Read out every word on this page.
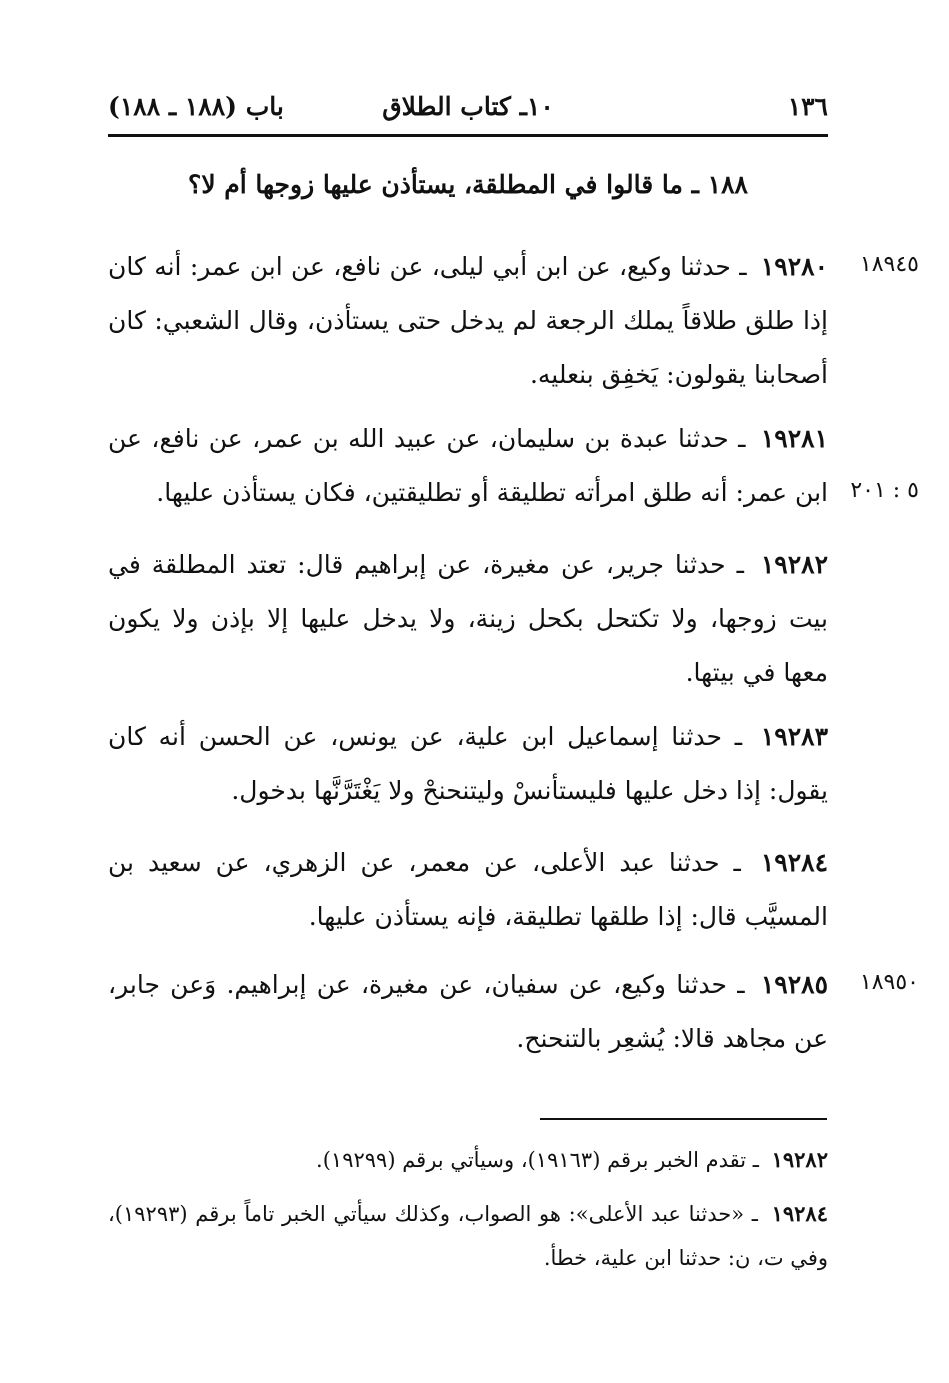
١٣٦
١٠ـ كتاب الطلاق
باب (١٨٨ ـ ١٨٨)
١٨٨ ـ ما قالوا في المطلقة، يستأذن عليها زوجها أم لا؟
١٨٩٤٥
٥ : ٢٠١
١٨٩٥٠

١٩٢٨٠ ـ حدثنا وكيع، عن ابن أبي ليلى، عن نافع، عن ابن عمر: أنه كان إذا طلق طلاقاً يملك الرجعة لم يدخل حتى يستأذن، وقال الشعبي: كان أصحابنا يقولون: يَخفِق بنعليه.

١٩٢٨١ ـ حدثنا عبدة بن سليمان، عن عبيد الله بن عمر، عن نافع، عن ابن عمر: أنه طلق امرأته تطليقة أو تطليقتين، فكان يستأذن عليها.

١٩٢٨٢ ـ حدثنا جرير، عن مغيرة، عن إبراهيم قال: تعتد المطلقة في بيت زوجها، ولا تكتحل بكحل زينة، ولا يدخل عليها إلا بإذن ولا يكون معها في بيتها.

١٩٢٨٣ ـ حدثنا إسماعيل ابن علية، عن يونس، عن الحسن أنه كان يقول: إذا دخل عليها فليستأنسْ وليتنحنحْ ولا يَغْتَرَّنَّها بدخول.

١٩٢٨٤ ـ حدثنا عبد الأعلى، عن معمر، عن الزهري، عن سعيد بن المسيَّب قال: إذا طلقها تطليقة، فإنه يستأذن عليها.

١٩٢٨٥ ـ حدثنا وكيع، عن سفيان، عن مغيرة، عن إبراهيم. وَعن جابر، عن مجاهد قالا: يُشعِر بالتنحنح.

١٩٢٨٢ ـ تقدم الخبر برقم (١٩١٦٣)، وسيأتي برقم (١٩٢٩٩).

١٩٢٨٤ ـ «حدثنا عبد الأعلى»: هو الصواب، وكذلك سيأتي الخبر تاماً برقم (١٩٢٩٣)، وفي ت، ن: حدثنا ابن علية، خطأ.
